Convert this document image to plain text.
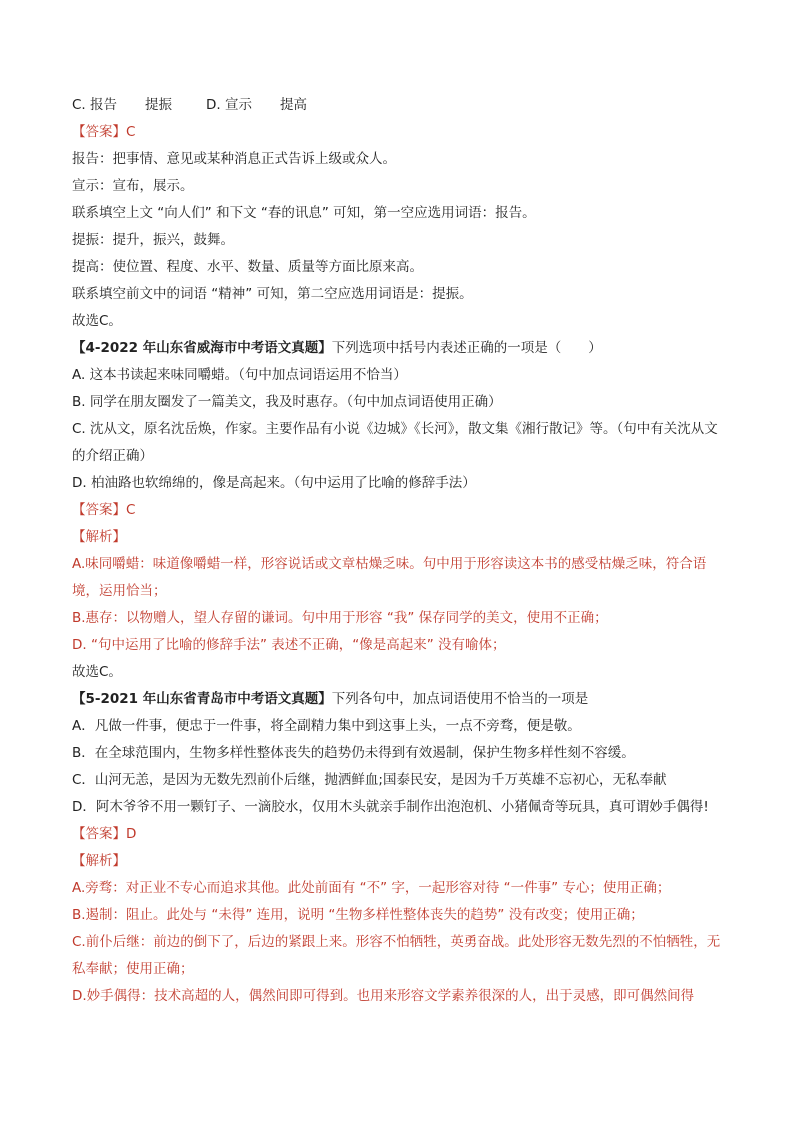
C. 报告 提振	D. 宣示 提高
【答案】C
报告：把事情、意见或某种消息正式告诉上级或众人。
宣示：宣布，展示。
联系填空上文 “向人们” 和下文 “春的讯息” 可知，第一空应选用词语：报告。
提振：提升，振兴，鼓舞。
提高：使位置、程度、水平、数量、质量等方面比原来高。
联系填空前文中的词语 “精神” 可知，第二空应选用词语是：提振。
故选C。
【4-2022 年山东省威海市中考语文真题】下列选项中括号内表述正确的一项是（　　）
A. 这本书读起来味同嚼蜡。（句中加点词语运用不恰当）
B. 同学在朋友圈发了一篇美文，我及时惠存。（句中加点词语使用正确）
C. 沈从文，原名沈岳焕，作家。主要作品有小说《边城》《长河》，散文集《湘行散记》等。（句中有关沈从文的介绍正确）
D. 柏油路也软绵绵的，像是高起来。（句中运用了比喻的修辞手法）
【答案】C
【解析】
A.味同嚼蜡：味道像嚼蜡一样，形容说话或文章枯燥乏味。句中用于形容读这本书的感受枯燥乏味，符合语境，运用恰当；
B.惠存：以物赠人，望人存留的谦词。句中用于形容 “我” 保存同学的美文，使用不正确；
D. “句中运用了比喻的修辞手法” 表述不正确，“像是高起来” 没有喻体；
故选C。
【5-2021 年山东省青岛市中考语文真题】下列各句中，加点词语使用不恰当的一项是
A．凡做一件事，便忠于一件事，将全副精力集中到这事上头，一点不旁骛，便是敬。
B．在全球范围内，生物多样性整体丧失的趋势仍未得到有效遏制，保护生物多样性刻不容缓。
C．山河无恙，是因为无数先烈前仆后继，抛洒鲜血;国泰民安，是因为千万英雄不忘初心，无私奉献
D．阿木爷爷不用一颗钉子、一滴胶水，仅用木头就亲手制作出泡泡机、小猪佩奇等玩具，真可谓妙手偶得!
【答案】D
【解析】
A.旁骛：对正业不专心而追求其他。此处前面有 “不” 字，一起形容对待 “一件事” 专心；使用正确；
B.遏制：阻止。此处与 “未得” 连用，说明 “生物多样性整体丧失的趋势” 没有改变；使用正确；
C.前仆后继：前边的倒下了，后边的紧跟上来。形容不怕牺牲，英勇奋战。此处形容无数先烈的不怕牺牲，无私奉献；使用正确；
D.妙手偶得：技术高超的人，偶然间即可得到。也用来形容文学素养很深的人，出于灵感，即可偶然间得
